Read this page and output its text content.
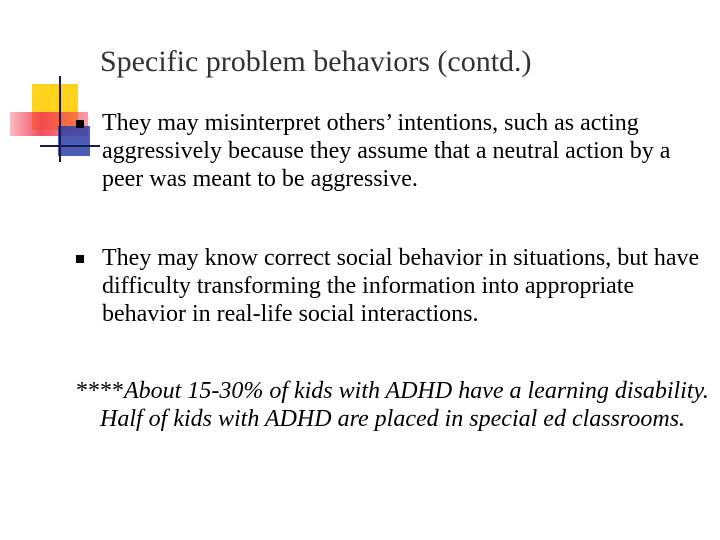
Specific problem behaviors (contd.)
They may misinterpret others’ intentions, such as acting aggressively because they assume that a neutral action by a peer was meant to be aggressive.
They may know correct social behavior in situations, but have difficulty transforming the information into appropriate behavior in real-life social interactions.
****About 15-30% of kids with ADHD have a learning disability. Half of kids with ADHD are placed in special ed classrooms.
